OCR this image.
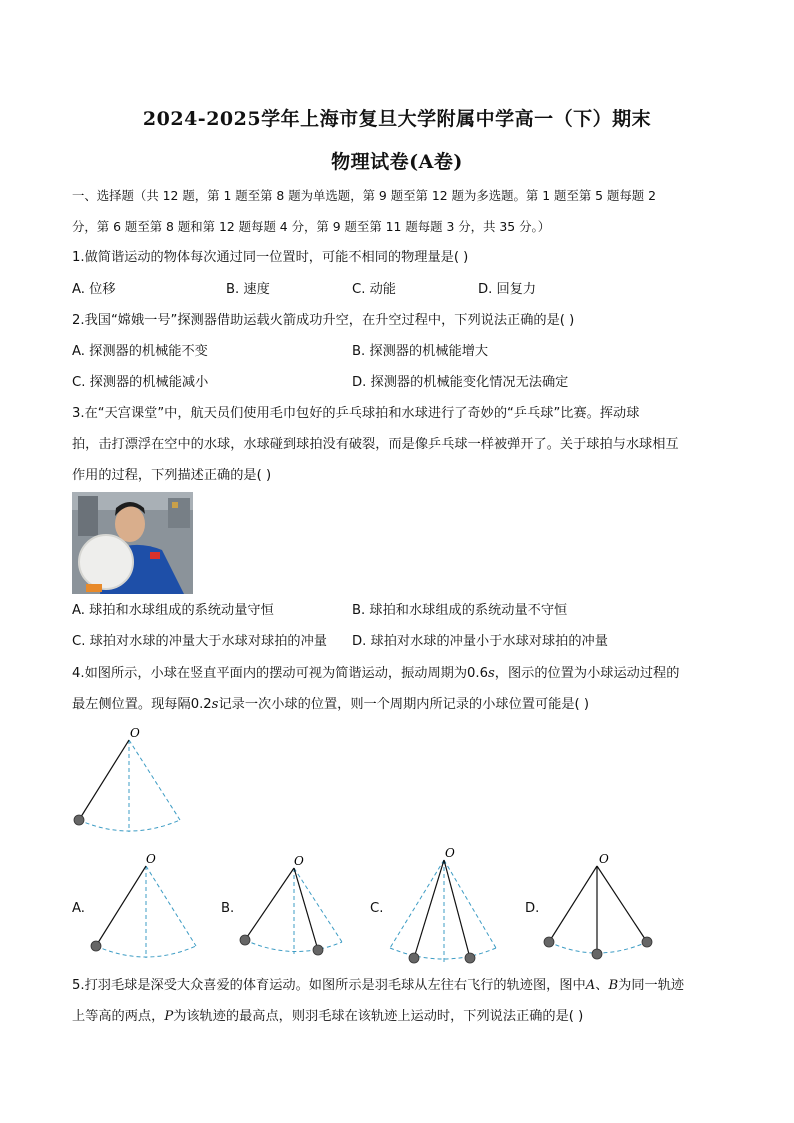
2024-2025学年上海市复旦大学附属中学高一（下）期末
物理试卷(A卷)
一、选择题（共 12 题，第 1 题至第 8 题为单选题，第 9 题至第 12 题为多选题。第 1 题至第 5 题每题 2
分，第 6 题至第 8 题和第 12 题每题 4 分，第 9 题至第 11 题每题 3 分，共 35 分。）
1.做简谐运动的物体每次通过同一位置时，可能不相同的物理量是( )
A. 位移	B. 速度	C. 动能	D. 回复力
2.我国“嫦娥一号”探测器借助运载火箭成功升空，在升空过程中，下列说法正确的是( )
A. 探测器的机械能不变	B. 探测器的机械能增大
C. 探测器的机械能减小	D. 探测器的机械能变化情况无法确定
3.在“天宫课堂”中，航天员们使用毛巾包好的乒乓球拍和水球进行了奇妙的“乒乓球”比赛。挥动球
拍，击打漂浮在空中的水球，水球碰到球拍没有破裂，而是像乒乓球一样被弹开了。关于球拍与水球相互
作用的过程，下列描述正确的是( )
A. 球拍和水球组成的系统动量守恒	B. 球拍和水球组成的系统动量不守恒
C. 球拍对水球的冲量大于水球对球拍的冲量 D. 球拍对水球的冲量小于水球对球拍的冲量
4.如图所示，小球在竖直平面内的摆动可视为简谐运动，振动周期为0.6s，图示的位置为小球运动过程的
最左侧位置。现每隔0.2s记录一次小球的位置，则一个周期内所记录的小球位置可能是( )
O
A.
O
B.
O
C.
O
D.
O
5.打羽毛球是深受大众喜爱的体育运动。如图所示是羽毛球从左往右飞行的轨迹图，图中A、B为同一轨迹
上等高的两点，P为该轨迹的最高点，则羽毛球在该轨迹上运动时，下列说法正确的是( )
